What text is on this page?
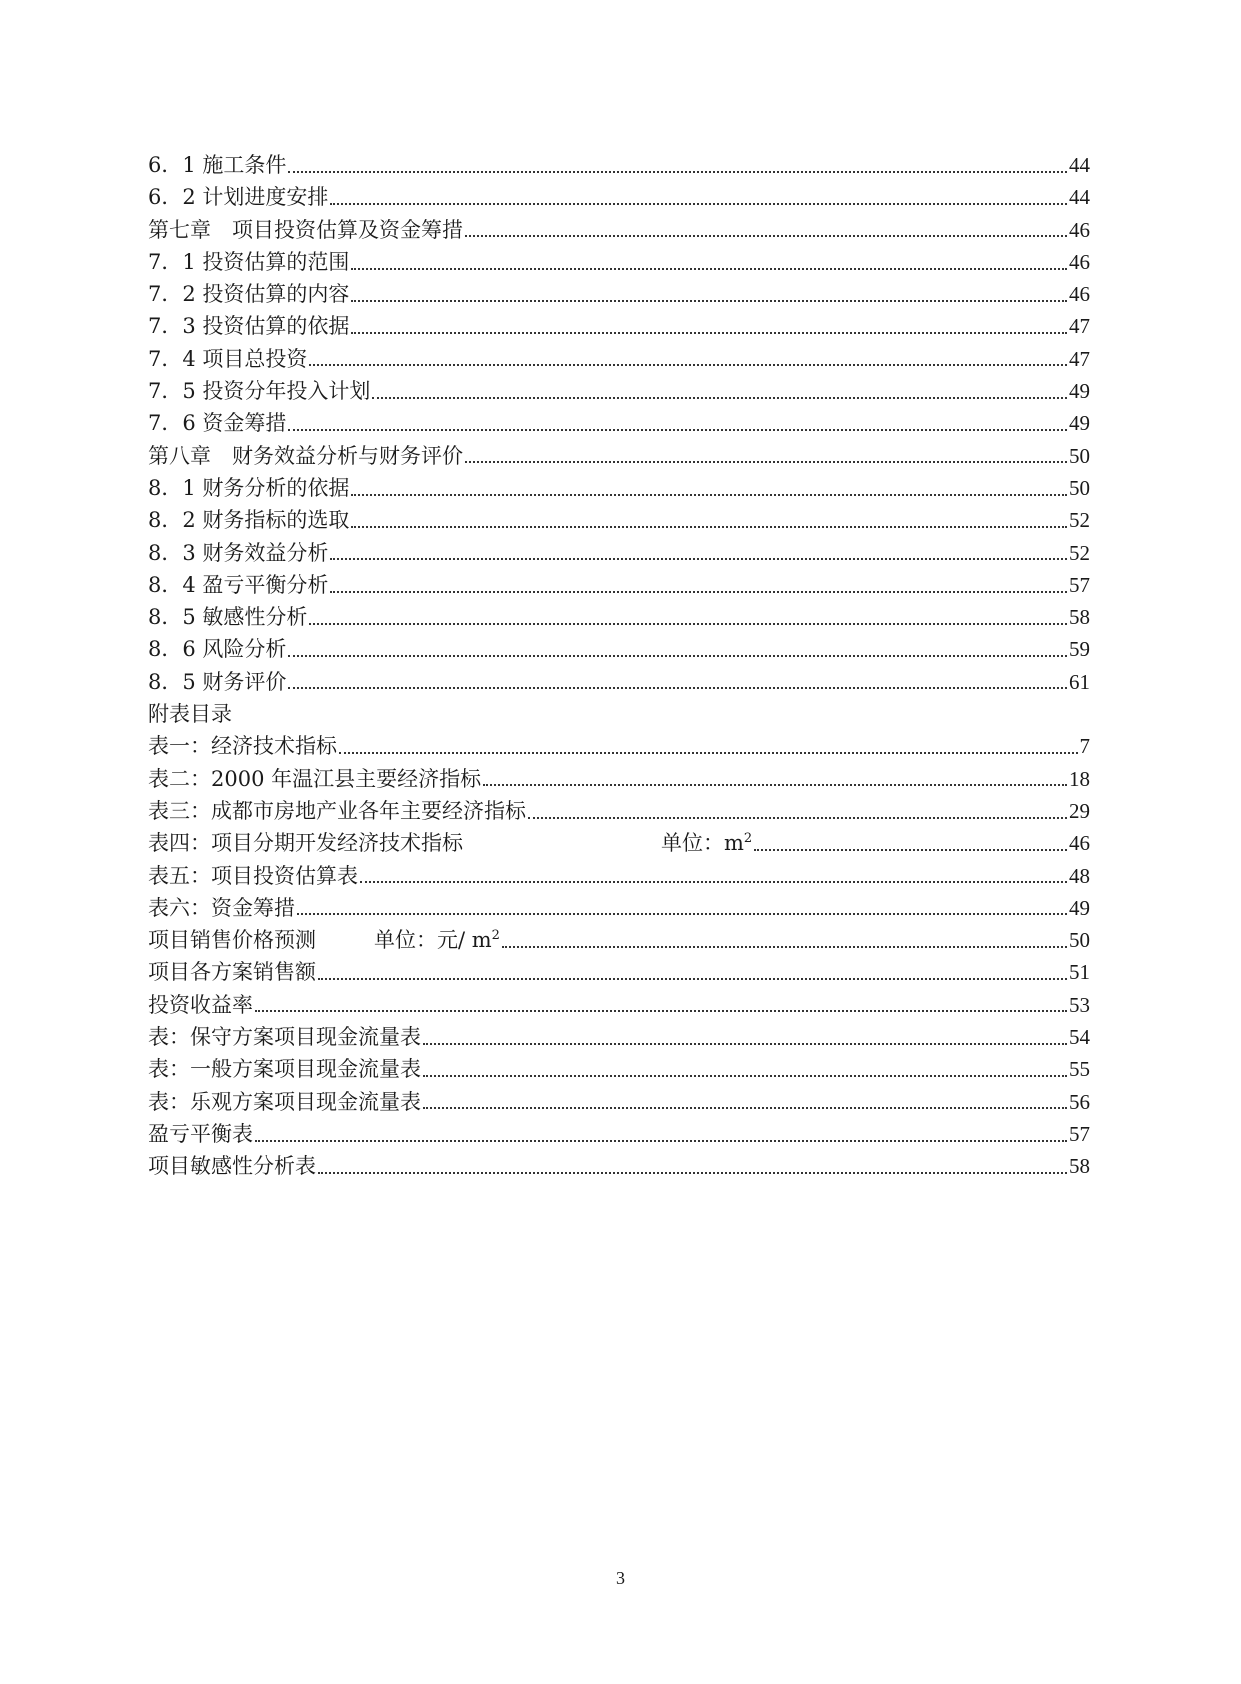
6．1 施工条件	44
6．2 计划进度安排	44
第七章　项目投资估算及资金筹措	46
7．1 投资估算的范围	46
7．2 投资估算的内容	46
7．3 投资估算的依据	47
7．4 项目总投资	47
7．5 投资分年投入计划	49
7．6 资金筹措	49
第八章　财务效益分析与财务评价	50
8．1 财务分析的依据	50
8．2 财务指标的选取	52
8．3 财务效益分析	52
8．4 盈亏平衡分析	57
8．5 敏感性分析	58
8．6 风险分析	59
8．5 财务评价	61
附表目录
表一：经济技术指标	7
表二：2000 年温江县主要经济指标	18
表三：成都市房地产业各年主要经济指标	29
表四：项目分期开发经济技术指标	单位：$m^2$	46
表五：项目投资估算表	48
表六：资金筹措	49
项目销售价格预测	单位：元/ $m^2$	50
项目各方案销售额	51
投资收益率	53
表：保守方案项目现金流量表	54
表：一般方案项目现金流量表	55
表：乐观方案项目现金流量表	56
盈亏平衡表	57
项目敏感性分析表	58
3
